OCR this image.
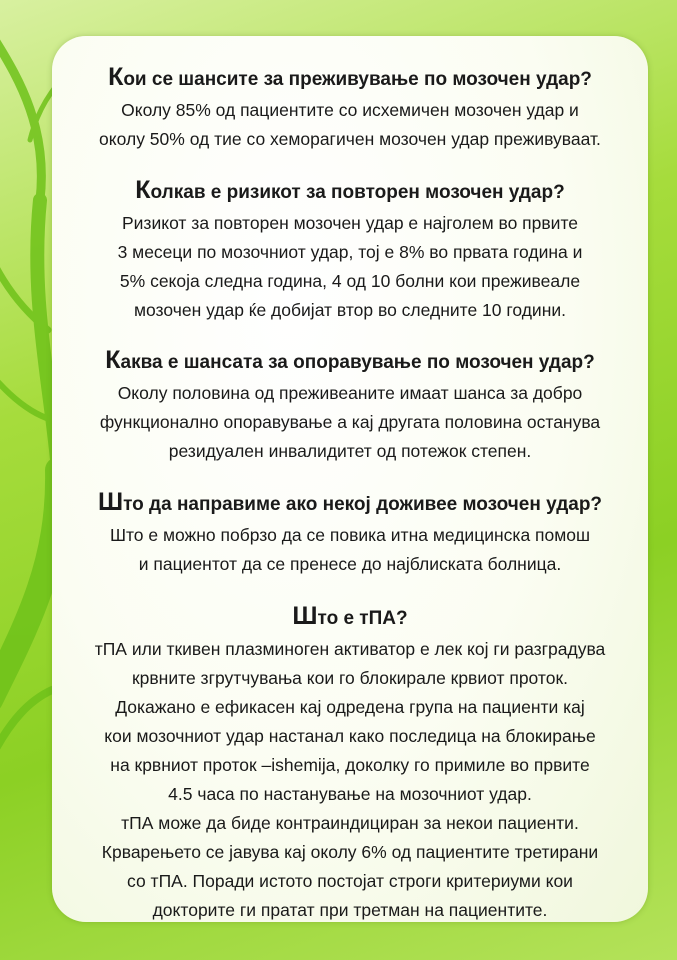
Кои се шансите за преживување по мозочен удар?
Околу 85% од пациентите со исхемичен мозочен удар и
околу 50% од тие со хеморагичен мозочен удар преживуваат.
Колкав е ризикот за повторен мозочен удар?
Ризикот за повторен мозочен удар е најголем во првите
3 месеци по мозочниот удар, тој е 8% во првата година и
5% секоја следна година, 4 од 10 болни кои преживеале
мозочен удар ќе добијат втор во следните 10 години.
Каква е шансата за опоравување по мозочен удар?
Околу половина од преживеаните имаат шанса за добро
функционално опоравување а кај другата половина останува
резидуален инвалидитет од потежок степен.
Што да направиме ако некој доживее мозочен удар?
Што е можно побрзо да се повика итна медицинска помош
и пациентот да се пренесе до најблиската болница.
Што е тПА?
тПА или ткивен плазминоген активатор е лек кој ги разградува
крвните згрутчувања кои го блокирале крвиот проток.
Докажано е ефикасен кај одредена група на пациенти кај
кои мозочниот удар настанал како последица на блокирање
на крвниот проток –ishemija, доколку го примиле во првите
4.5 часа по настанување на мозочниот удар.
тПА може да биде контраиндициран за некои пациенти.
Крварењето се јавува кај околу 6% од пациентите третирани
со тПА. Поради истото постојат строги критериуми кои
докторите ги пратат при третман на пациентите.
